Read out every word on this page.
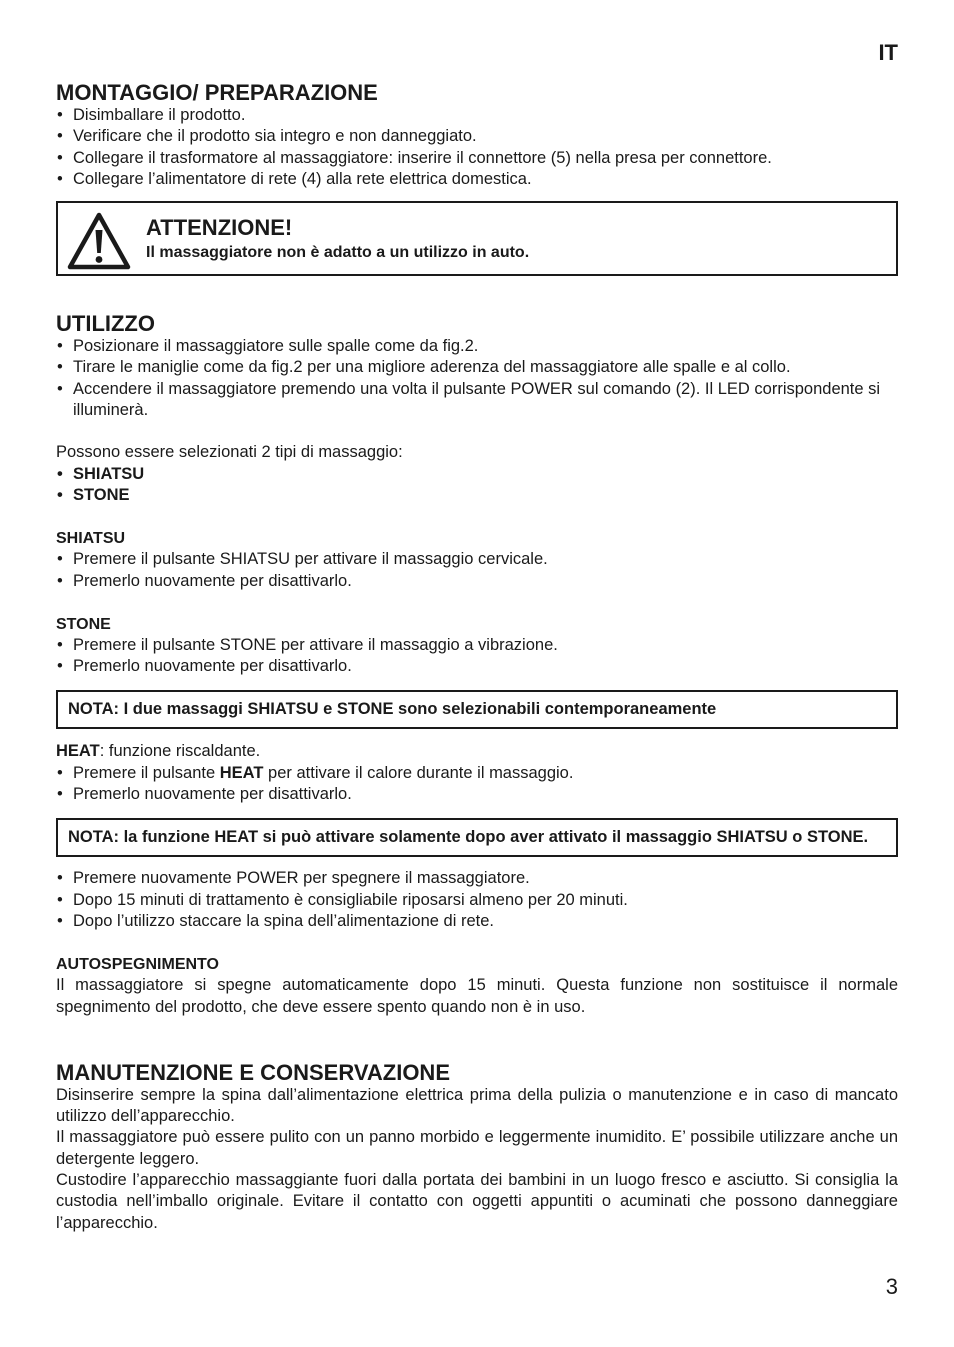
IT
MONTAGGIO/ PREPARAZIONE
• Disimballare il prodotto.
• Verificare che il prodotto sia integro e non danneggiato.
• Collegare il trasformatore al massaggiatore: inserire il connettore (5) nella presa per connettore.
• Collegare l’alimentatore di rete (4) alla rete elettrica domestica.
ATTENZIONE!
Il massaggiatore non è adatto a un utilizzo in auto.
UTILIZZO
• Posizionare il massaggiatore sulle spalle come da fig.2.
• Tirare le maniglie come da fig.2 per una migliore aderenza del massaggiatore alle spalle e al collo.
• Accendere il massaggiatore premendo una volta il pulsante POWER sul comando (2). Il LED corrispondente si illuminerà.

Possono essere selezionati 2 tipi di massaggio:

• SHIATSU
• STONE
SHIATSU
• Premere il pulsante SHIATSU per attivare il massaggio cervicale.
• Premerlo nuovamente per disattivarlo.
STONE
• Premere il pulsante STONE per attivare il massaggio a vibrazione.
• Premerlo nuovamente per disattivarlo.
NOTA: I due massaggi SHIATSU e STONE sono selezionabili contemporaneamente

HEAT: funzione riscaldante.

• Premere il pulsante HEAT per attivare il calore durante il massaggio.
• Premerlo nuovamente per disattivarlo.
NOTA: la funzione HEAT si può attivare solamente dopo aver attivato il massaggio SHIATSU o STONE.
• Premere nuovamente POWER per spegnere il massaggiatore.
• Dopo 15 minuti di trattamento è consigliabile riposarsi almeno per 20 minuti.
• Dopo l’utilizzo staccare la spina dell’alimentazione di rete.
AUTOSPEGNIMENTO

Il massaggiatore si spegne automaticamente dopo 15 minuti. Questa funzione non sostituisce il normale spegnimento del prodotto, che deve essere spento quando non è in uso.

MANUTENZIONE E CONSERVAZIONE

Disinserire sempre la spina dall’alimentazione elettrica prima della pulizia o manutenzione e in caso di mancato utilizzo dell’apparecchio.

Il massaggiatore può essere pulito con un panno morbido e leggermente inumidito. E’ possibile utilizzare anche un detergente leggero.

Custodire l’apparecchio massaggiante fuori dalla portata dei bambini in un luogo fresco e asciutto. Si consiglia la custodia nell’imballo originale. Evitare il contatto con oggetti appuntiti o acuminati che possono danneggiare l’apparecchio.

3
